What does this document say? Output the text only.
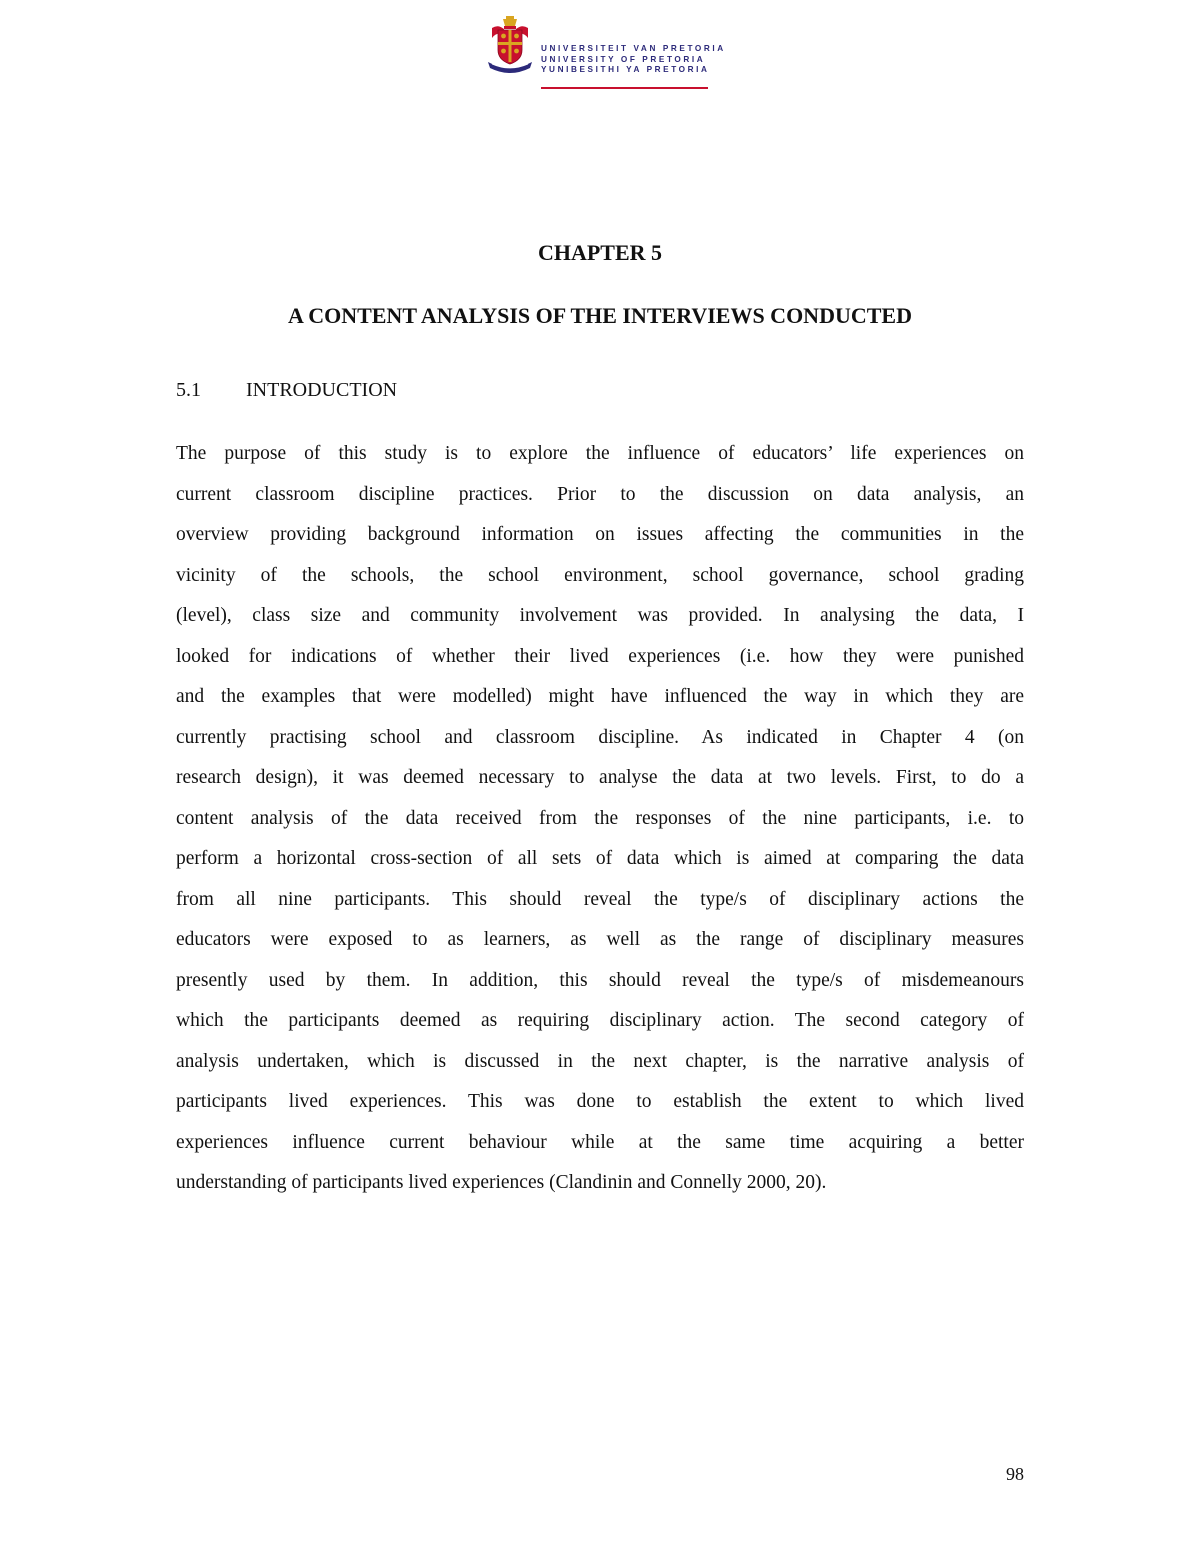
UNIVERSITEIT VAN PRETORIA
UNIVERSITY OF PRETORIA
YUNIBESITHI YA PRETORIA
CHAPTER 5
A CONTENT ANALYSIS OF THE INTERVIEWS CONDUCTED
5.1 INTRODUCTION
The purpose of this study is to explore the influence of educators’ life experiences on
current classroom discipline practices. Prior to the discussion on data analysis, an
overview providing background information on issues affecting the communities in the
vicinity of the schools, the school environment, school governance, school grading
(level), class size and community involvement was provided. In analysing the data, I
looked for indications of whether their lived experiences (i.e. how they were punished
and the examples that were modelled) might have influenced the way in which they are
currently practising school and classroom discipline. As indicated in Chapter 4 (on
research design), it was deemed necessary to analyse the data at two levels. First, to do a
content analysis of the data received from the responses of the nine participants, i.e. to
perform a horizontal cross-section of all sets of data which is aimed at comparing the data
from all nine participants. This should reveal the type/s of disciplinary actions the
educators were exposed to as learners, as well as the range of disciplinary measures
presently used by them. In addition, this should reveal the type/s of misdemeanours
which the participants deemed as requiring disciplinary action. The second category of
analysis undertaken, which is discussed in the next chapter, is the narrative analysis of
participants lived experiences. This was done to establish the extent to which lived
experiences influence current behaviour while at the same time acquiring a better
understanding of participants lived experiences (Clandinin and Connelly 2000, 20).
98
